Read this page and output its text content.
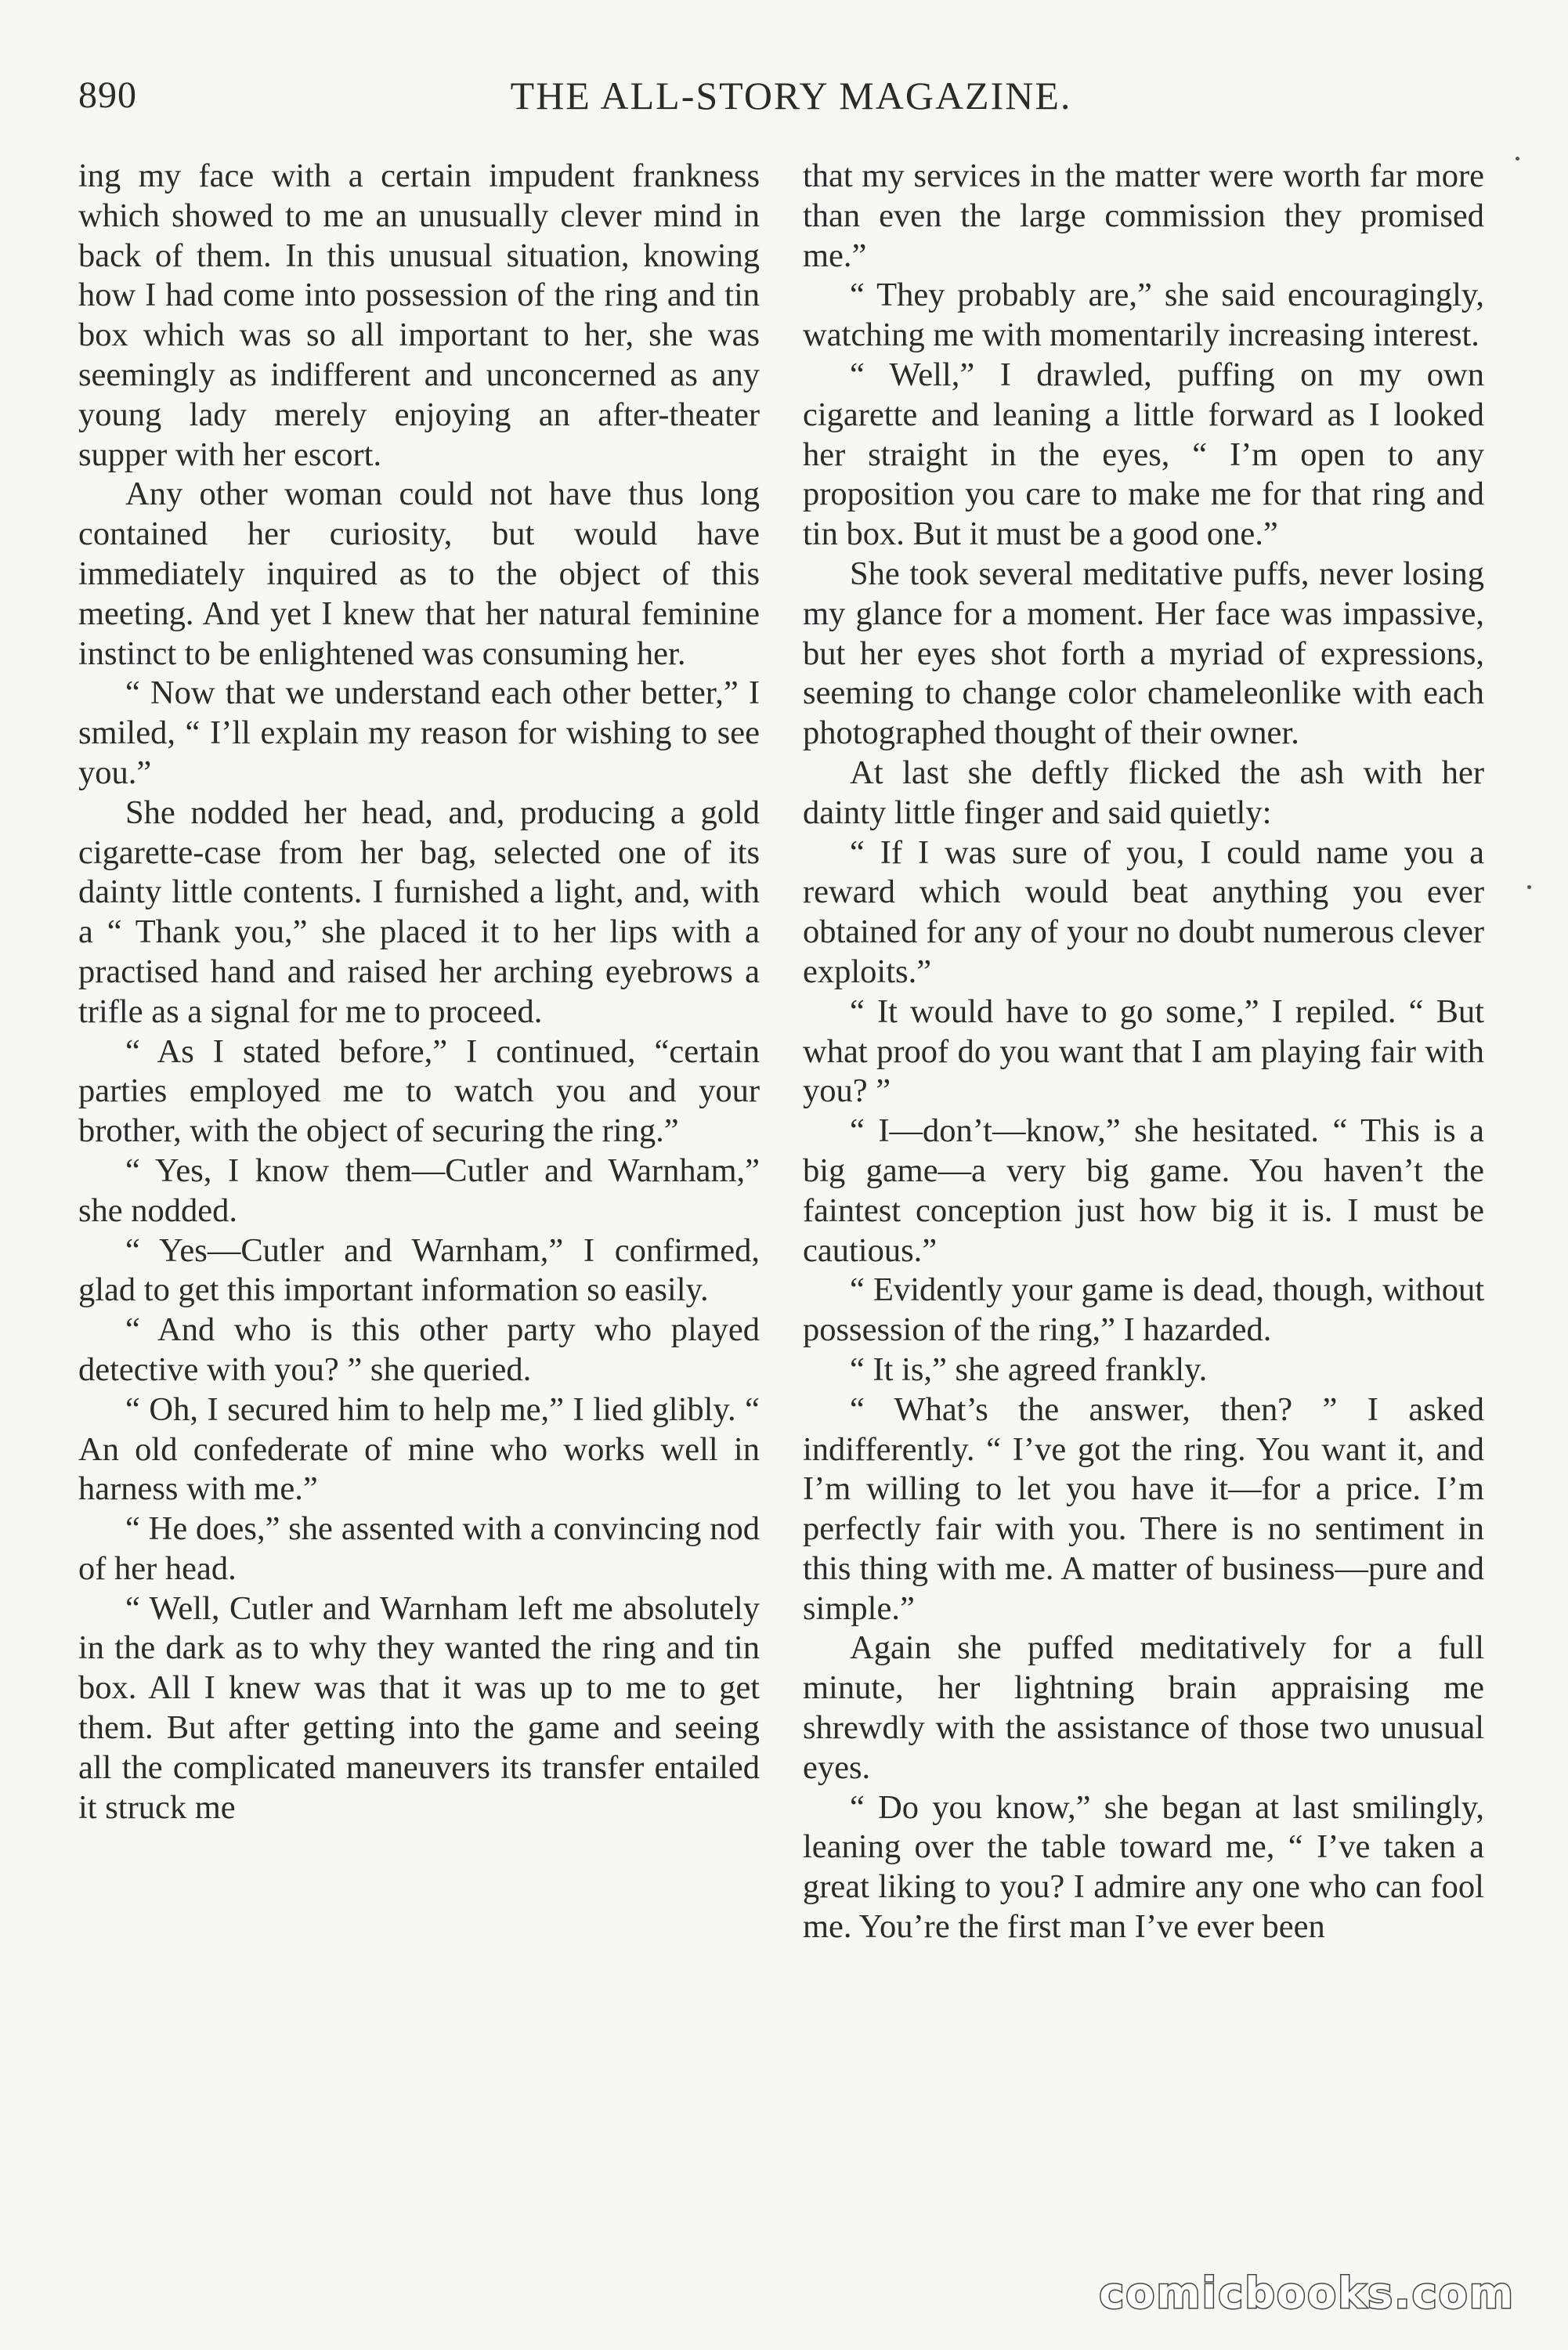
890	THE ALL-STORY MAGAZINE.

ing my face with a certain impudent frankness which showed to me an unusually clever mind in back of them. In this unusual situation, knowing how I had come into possession of the ring and tin box which was so all important to her, she was seemingly as indifferent and unconcerned as any young lady merely enjoying an after-theater supper with her escort.

Any other woman could not have thus long contained her curiosity, but would have immediately inquired as to the object of this meeting. And yet I knew that her natural feminine instinct to be enlightened was consuming her.

“ Now that we understand each other better,” I smiled, “ I’ll explain my reason for wishing to see you.”

She nodded her head, and, producing a gold cigarette-case from her bag, selected one of its dainty little contents. I furnished a light, and, with a “ Thank you,” she placed it to her lips with a practised hand and raised her arching eyebrows a trifle as a signal for me to proceed.

“ As I stated before,” I continued, “certain parties employed me to watch you and your brother, with the object of securing the ring.”

“ Yes, I know them—Cutler and Warnham,” she nodded.

“ Yes—Cutler and Warnham,” I confirmed, glad to get this important information so easily.

“ And who is this other party who played detective with you? ” she queried.

“ Oh, I secured him to help me,” I lied glibly. “ An old confederate of mine who works well in harness with me.”

“ He does,” she assented with a convincing nod of her head.

“ Well, Cutler and Warnham left me absolutely in the dark as to why they wanted the ring and tin box. All I knew was that it was up to me to get them. But after getting into the game and seeing all the complicated maneuvers its transfer entailed it struck me

that my services in the matter were worth far more than even the large commission they promised me.”

“ They probably are,” she said encouragingly, watching me with momentarily increasing interest.

“ Well,” I drawled, puffing on my own cigarette and leaning a little forward as I looked her straight in the eyes, “ I’m open to any proposition you care to make me for that ring and tin box. But it must be a good one.”

She took several meditative puffs, never losing my glance for a moment. Her face was impassive, but her eyes shot forth a myriad of expressions, seeming to change color chameleonlike with each photographed thought of their owner.

At last she deftly flicked the ash with her dainty little finger and said quietly:

“ If I was sure of you, I could name you a reward which would beat anything you ever obtained for any of your no doubt numerous clever exploits.”

“ It would have to go some,” I repiled. “ But what proof do you want that I am playing fair with you? ”

“ I—don’t—know,” she hesitated. “ This is a big game—a very big game. You haven’t the faintest conception just how big it is. I must be cautious.”

“ Evidently your game is dead, though, without possession of the ring,” I hazarded.

“ It is,” she agreed frankly.

“ What’s the answer, then? ” I asked indifferently. “ I’ve got the ring. You want it, and I’m willing to let you have it—for a price. I’m perfectly fair with you. There is no sentiment in this thing with me. A matter of business—pure and simple.”

Again she puffed meditatively for a full minute, her lightning brain appraising me shrewdly with the assistance of those two unusual eyes.

“ Do you know,” she began at last smilingly, leaning over the table toward me, “ I’ve taken a great liking to you? I admire any one who can fool me. You’re the first man I’ve ever been

comicbooks.com
